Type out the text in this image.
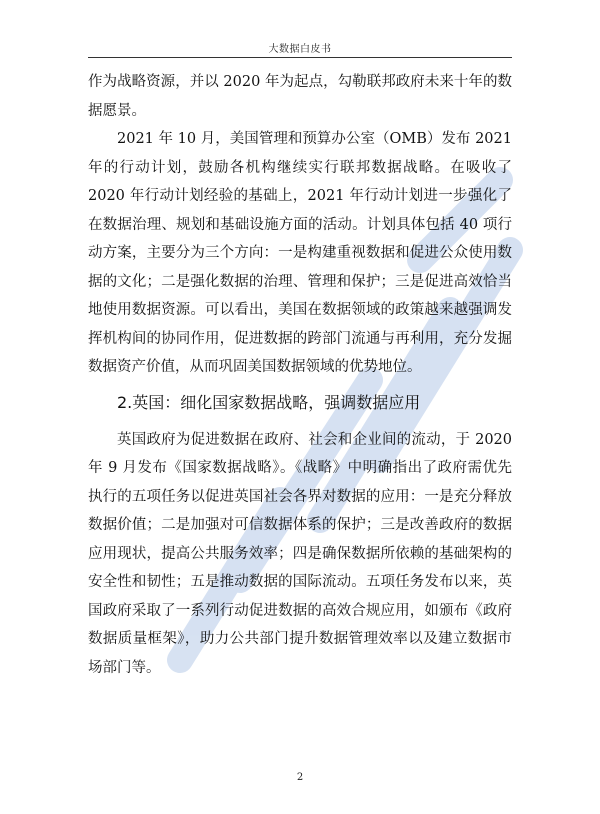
大数据白皮书

作为战略资源，并以 2020 年为起点，勾勒联邦政府未来十年的数据愿景。

2021 年 10 月，美国管理和预算办公室（OMB）发布 2021 年的行动计划，鼓励各机构继续实行联邦数据战略。在吸收了 2020 年行动计划经验的基础上，2021 年行动计划进一步强化了在数据治理、规划和基础设施方面的活动。计划具体包括 40 项行动方案，主要分为三个方向：一是构建重视数据和促进公众使用数据的文化；二是强化数据的治理、管理和保护；三是促进高效恰当地使用数据资源。可以看出，美国在数据领域的政策越来越强调发挥机构间的协同作用，促进数据的跨部门流通与再利用，充分发掘数据资产价值，从而巩固美国数据领域的优势地位。

2.英国：细化国家数据战略，强调数据应用

英国政府为促进数据在政府、社会和企业间的流动，于 2020 年 9 月发布《国家数据战略》。《战略》中明确指出了政府需优先执行的五项任务以促进英国社会各界对数据的应用：一是充分释放数据价值；二是加强对可信数据体系的保护；三是改善政府的数据应用现状，提高公共服务效率；四是确保数据所依赖的基础架构的安全性和韧性；五是推动数据的国际流动。五项任务发布以来，英国政府采取了一系列行动促进数据的高效合规应用，如颁布《政府数据质量框架》，助力公共部门提升数据管理效率以及建立数据市场部门等。

2
